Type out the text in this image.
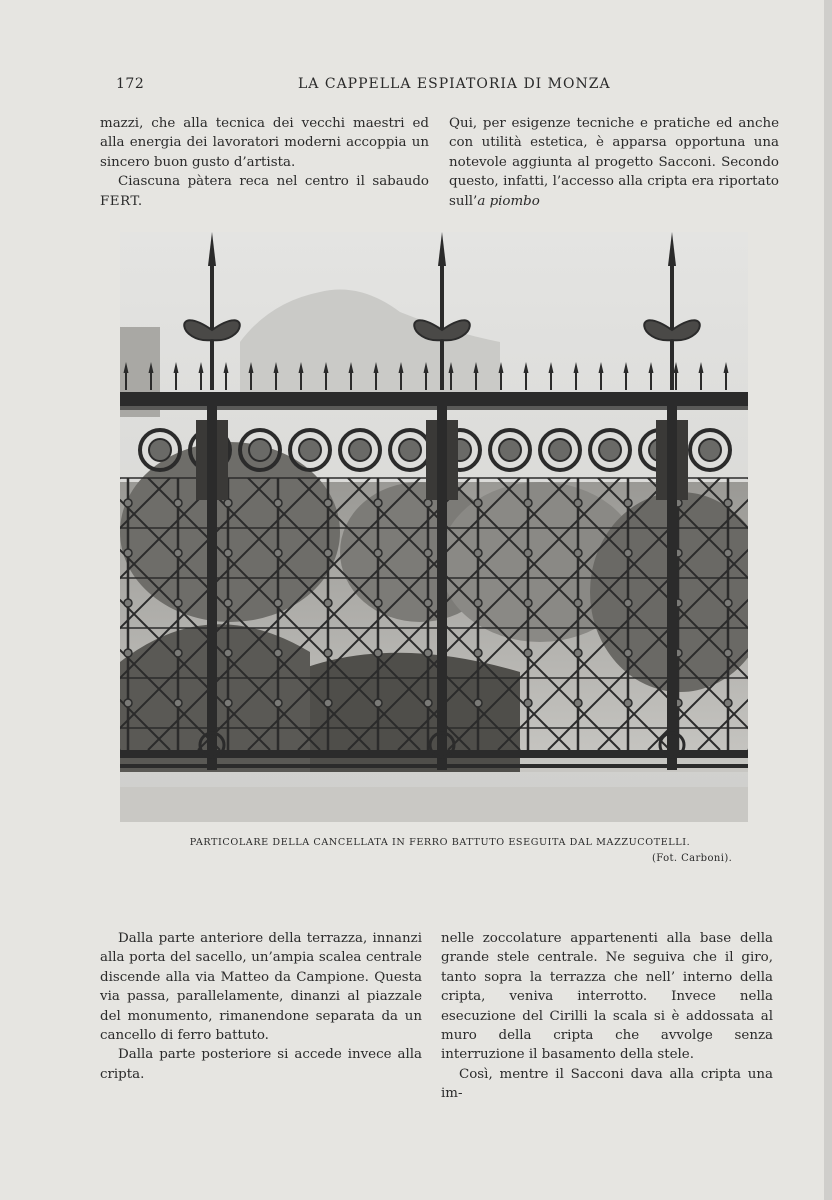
172	LA CAPPELLA ESPIATORIA DI MONZA

mazzi, che alla tecnica dei vecchi maestri ed alla energia dei lavoratori moderni accoppia un sincero buon gusto d’artista.

Ciascuna pàtera reca nel centro il sabaudo FERT.

Qui, per esigenze tecniche e pratiche ed anche con utilità estetica, è apparsa opportuna una notevole aggiunta al progetto Sacconi. Secondo questo, infatti, l’accesso alla cripta era riportato sull’a piombo

PARTICOLARE DELLA CANCELLATA IN FERRO BATTUTO ESEGUITA DAL MAZZUCOTELLI.
(Fot. Carboni).

Dalla parte anteriore della terrazza, innanzi alla porta del sacello, un’ampia scalea centrale discende alla via Matteo da Campione. Questa via passa, parallelamente, dinanzi al piazzale del monumento, rimanendone separata da un cancello di ferro battuto.

Dalla parte posteriore si accede invece alla cripta.

nelle zoccolature appartenenti alla base della grande stele centrale. Ne seguiva che il giro, tanto sopra la terrazza che nell’ interno della cripta, veniva interrotto. Invece nella esecuzione del Cirilli la scala si è addossata al muro della cripta che avvolge senza interruzione il basamento della stele.

Così, mentre il Sacconi dava alla cripta una im-
